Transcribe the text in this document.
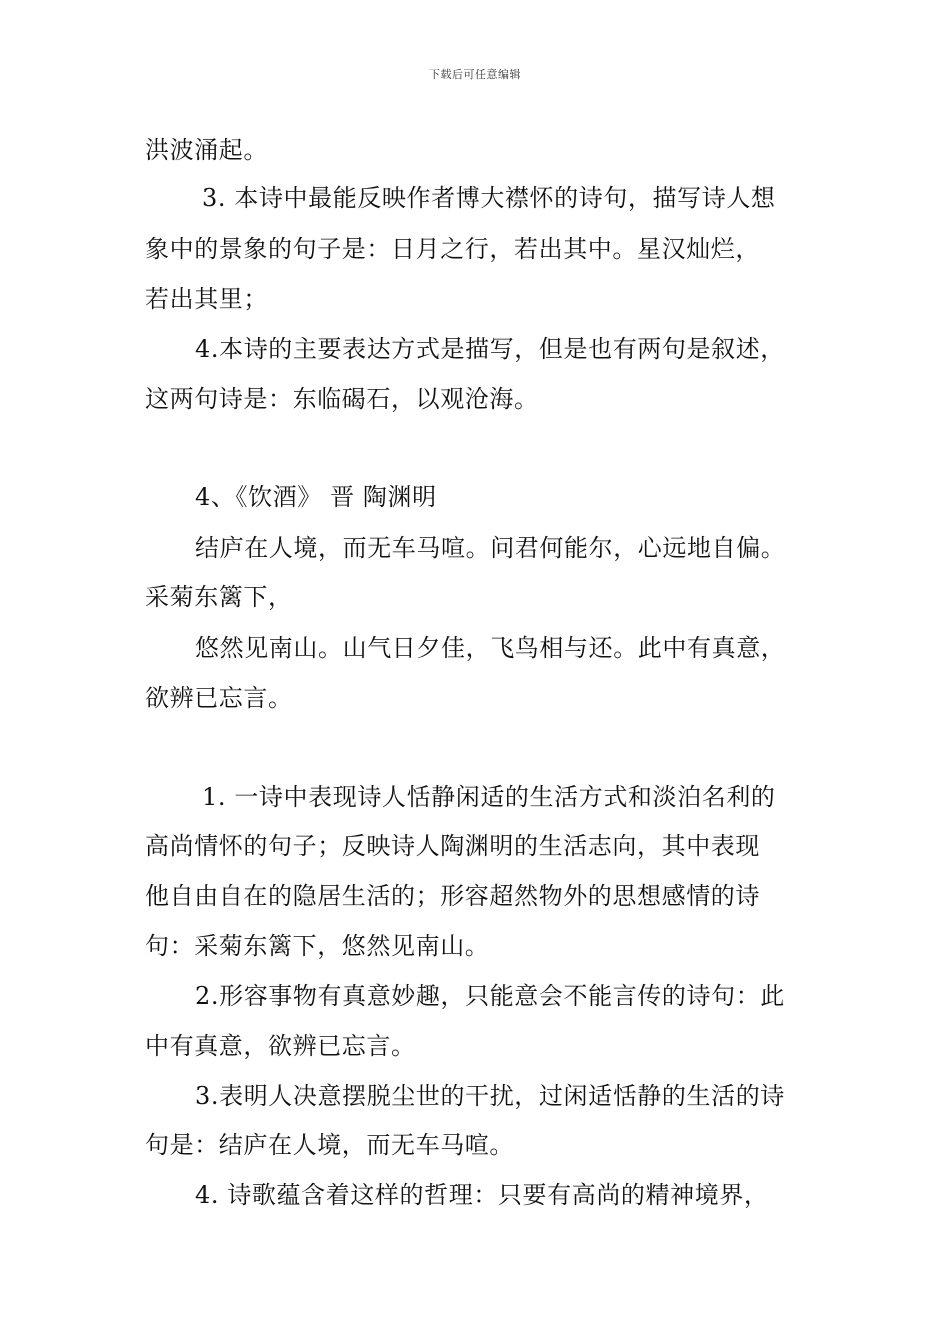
下载后可任意编辑
洪波涌起。
3. 本诗中最能反映作者博大襟怀的诗句，描写诗人想
象中的景象的句子是：日月之行，若出其中。星汉灿烂，
若出其里；
4.本诗的主要表达方式是描写，但是也有两句是叙述，
这两句诗是：东临碣石，以观沧海。
4、《饮酒》 晋 陶渊明
结庐在人境，而无车马喧。问君何能尔，心远地自偏。
采菊东篱下，
悠然见南山。山气日夕佳，飞鸟相与还。此中有真意，
欲辨已忘言。
1. 一诗中表现诗人恬静闲适的生活方式和淡泊名利的
高尚情怀的句子；反映诗人陶渊明的生活志向，其中表现
他自由自在的隐居生活的；形容超然物外的思想感情的诗
句：采菊东篱下，悠然见南山。
2.形容事物有真意妙趣，只能意会不能言传的诗句：此
中有真意，欲辨已忘言。
3.表明人决意摆脱尘世的干扰，过闲适恬静的生活的诗
句是：结庐在人境，而无车马喧。
4. 诗歌蕴含着这样的哲理：只要有高尚的精神境界，
